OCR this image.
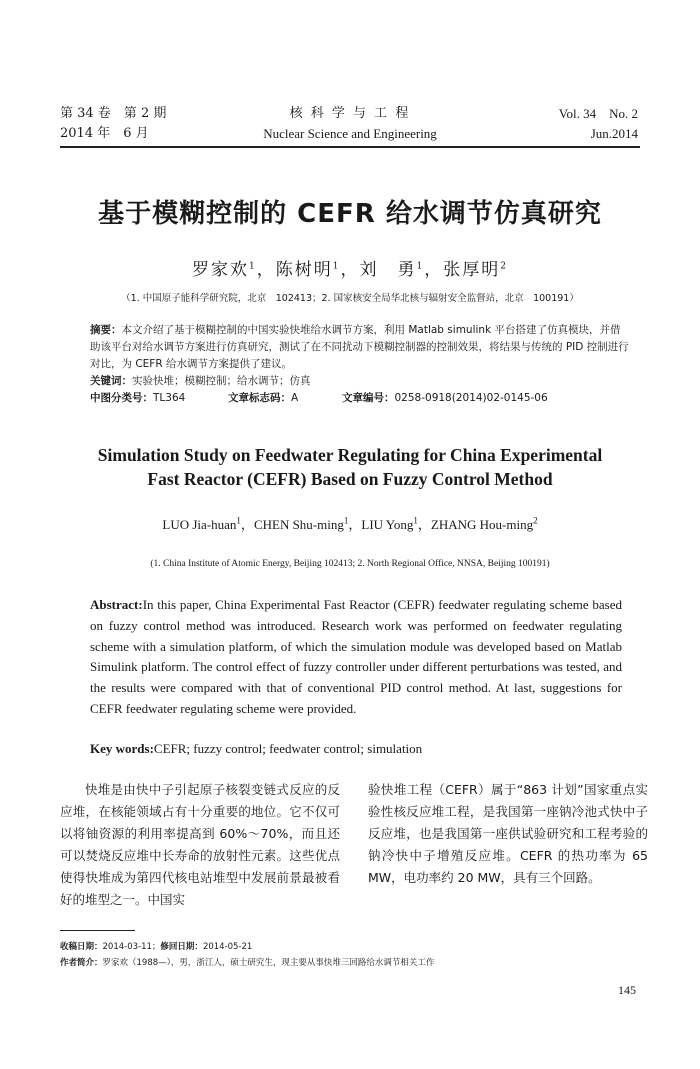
第 34 卷　第 2 期
2014 年　6 月
核 科 学 与 工 程
Nuclear Science and Engineering
Vol. 34　No. 2
Jun.2014
基于模糊控制的 CEFR 给水调节仿真研究
罗家欢$^1$，陈树明$^1$，刘　勇$^1$，张厚明$^2$
（1. 中国原子能科学研究院，北京　102413；2. 国家核安全局华北核与辐射安全监督站，北京　100191）
摘要：本文介绍了基于模糊控制的中国实验快堆给水调节方案，利用 Matlab simulink 平台搭建了仿真模块，并借助该平台对给水调节方案进行仿真研究，测试了在不同扰动下模糊控制器的控制效果，将结果与传统的 PID 控制进行对比，为 CEFR 给水调节方案提供了建议。
关键词：实验快堆；模糊控制；给水调节；仿真
中图分类号：TL364	文章标志码：A	文章编号：0258-0918(2014)02-0145-06
Simulation Study on Feedwater Regulating for China Experimental
Fast Reactor (CEFR) Based on Fuzzy Control Method
LUO Jia-huan$^1$，CHEN Shu-ming$^1$，LIU Yong$^1$，ZHANG Hou-ming$^2$
(1. China Institute of Atomic Energy, Beijing 102413; 2. North Regional Office, NNSA, Beijing 100191)
Abstract:In this paper, China Experimental Fast Reactor (CEFR) feedwater regulating scheme based on fuzzy control method was introduced. Research work was performed on feedwater regulating scheme with a simulation platform, of which the simulation module was developed based on Matlab Simulink platform. The control effect of fuzzy controller under different perturbations was tested, and the results were compared with that of conventional PID control method. At last, suggestions for CEFR feedwater regulating scheme were provided.
Key words:CEFR; fuzzy control; feedwater control; simulation
快堆是由快中子引起原子核裂变链式反应的反应堆，在核能领域占有十分重要的地位。它不仅可以将铀资源的利用率提高到 60%～70%，而且还可以焚烧反应堆中长寿命的放射性元素。这些优点使得快堆成为第四代核电站堆型中发展前景最被看好的堆型之一。中国实
验快堆工程（CEFR）属于“863 计划”国家重点实验性核反应堆工程，是我国第一座钠冷池式快中子反应堆，也是我国第一座供试验研究和工程考验的钠冷快中子增殖反应堆。CEFR 的热功率为 65 MW，电功率约 20 MW，具有三个回路。
收稿日期：2014-03-11；修回日期：2014-05-21
作者简介：罗家欢（1988—），男，浙江人，硕士研究生，现主要从事快堆三回路给水调节相关工作
145
